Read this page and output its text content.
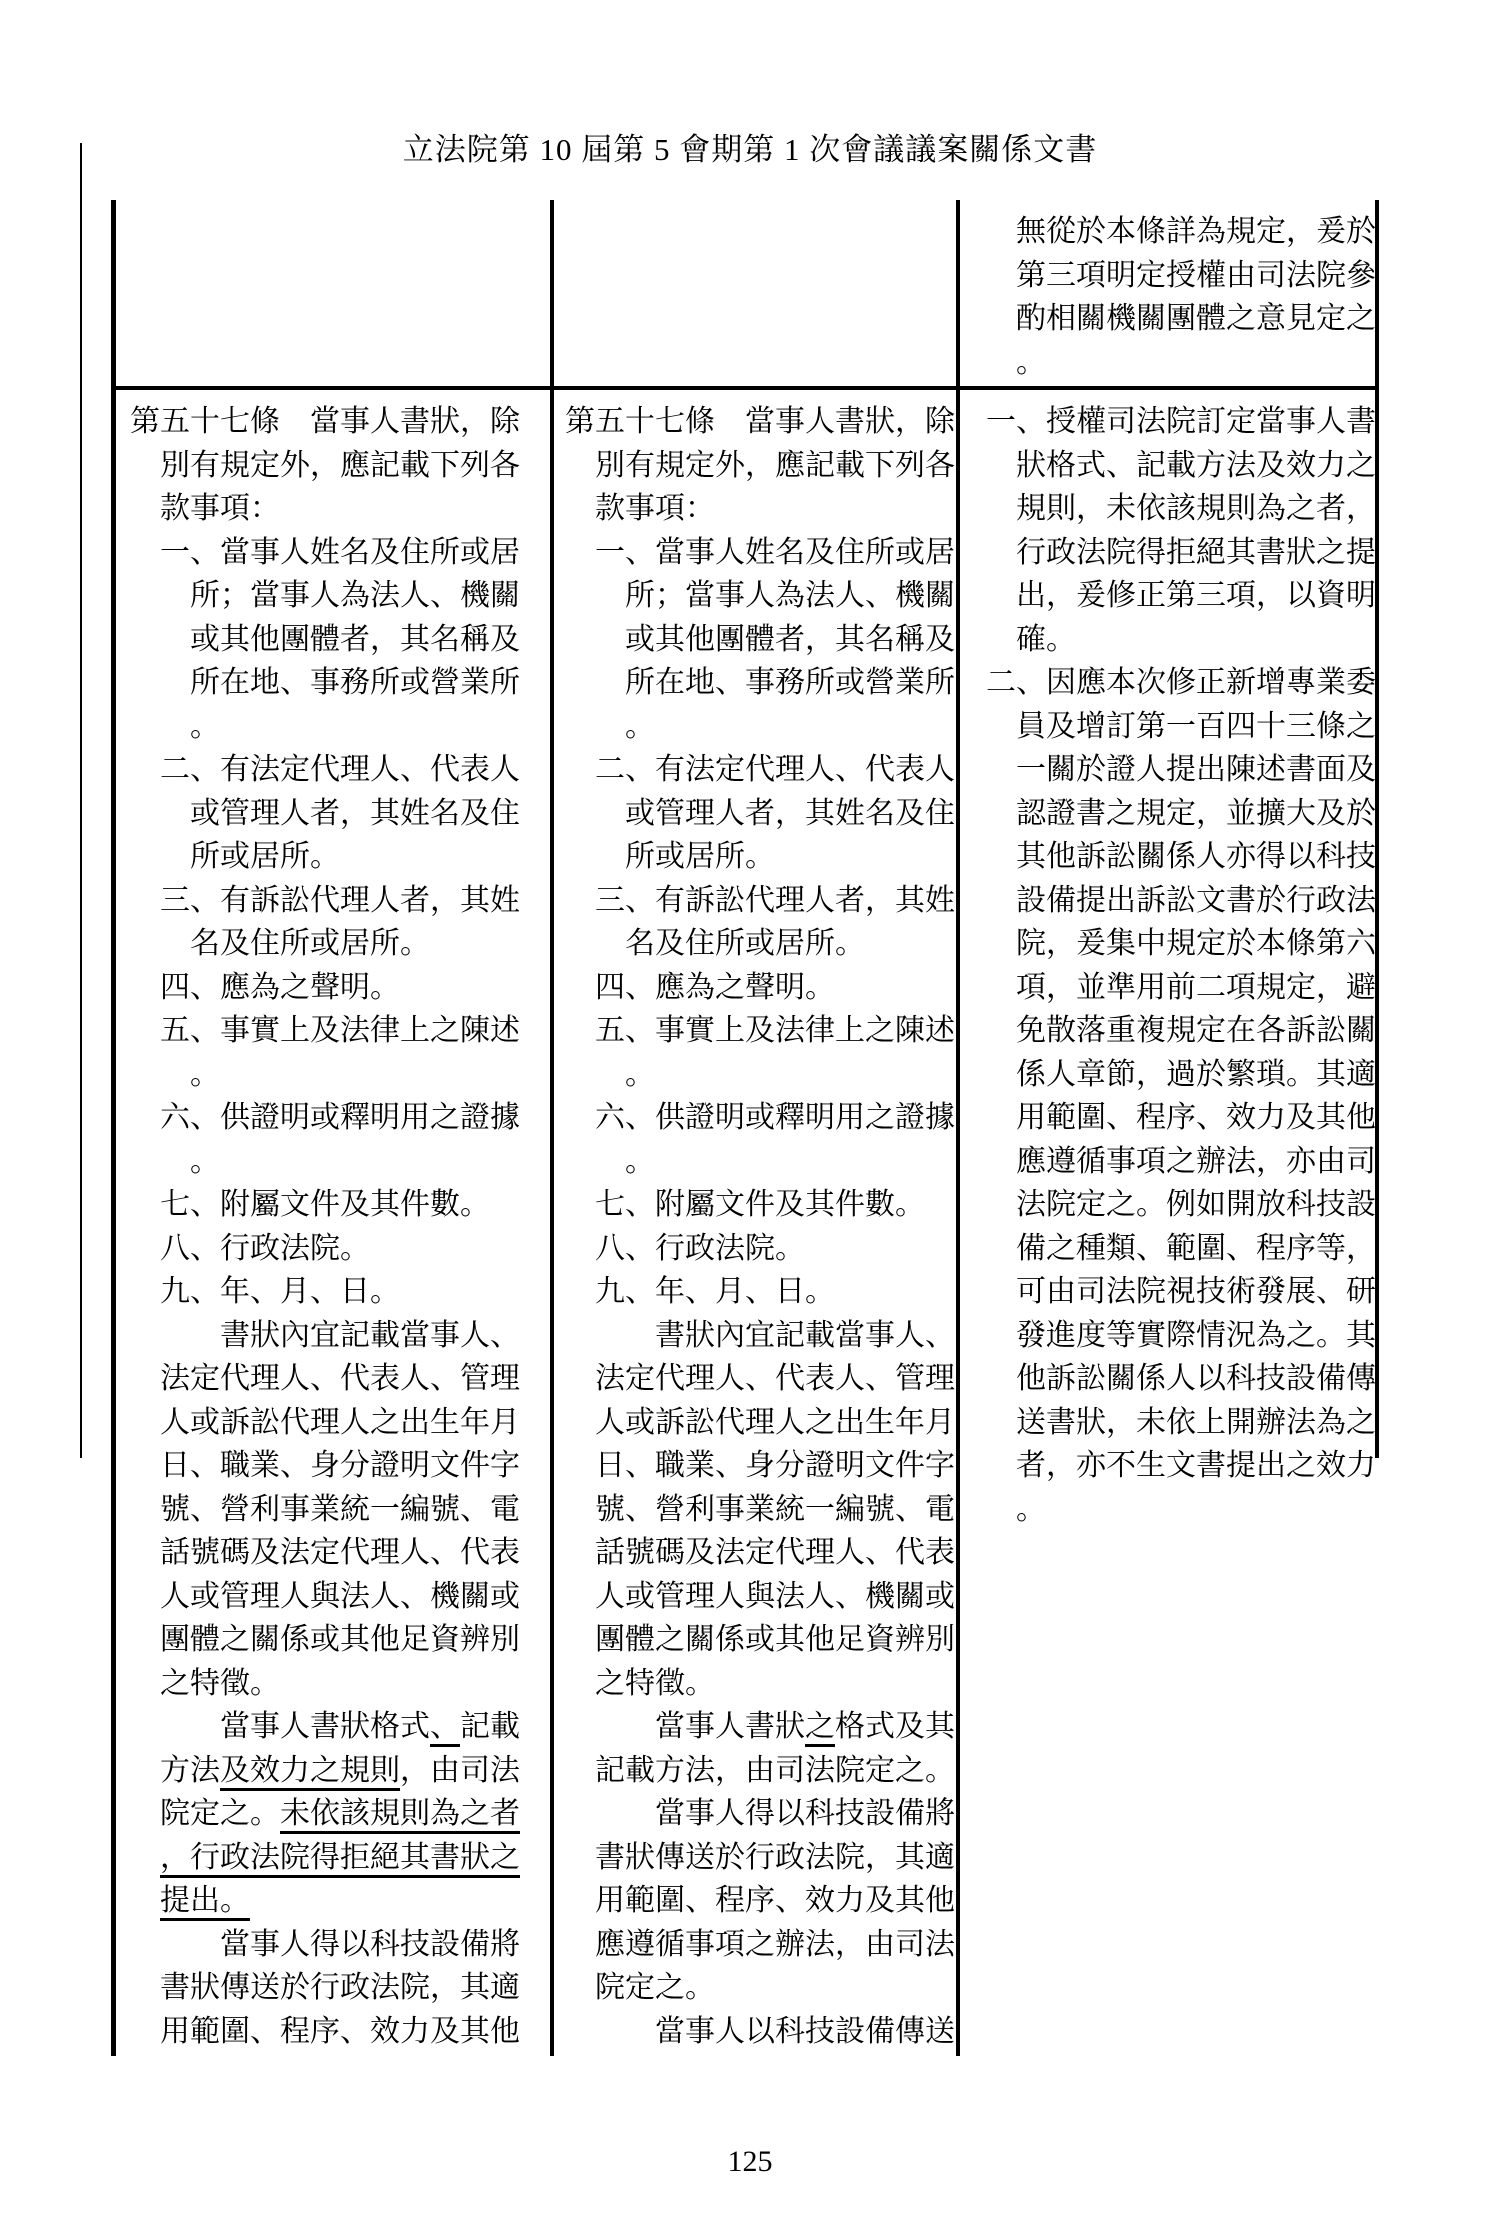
立法院第 10 屆第 5 會期第 1 次會議議案關係文書
無從於本條詳為規定，爰於
第三項明定授權由司法院參
酌相關機關團體之意見定之
。
第五十七條　當事人書狀，除
別有規定外，應記載下列各
款事項：
一、當事人姓名及住所或居
所；當事人為法人、機關
或其他團體者，其名稱及
所在地、事務所或營業所
。
二、有法定代理人、代表人
或管理人者，其姓名及住
所或居所。
三、有訴訟代理人者，其姓
名及住所或居所。
四、應為之聲明。
五、事實上及法律上之陳述
。
六、供證明或釋明用之證據
。
七、附屬文件及其件數。
八、行政法院。
九、年、月、日。
書狀內宜記載當事人、
法定代理人、代表人、管理
人或訴訟代理人之出生年月
日、職業、身分證明文件字
號、營利事業統一編號、電
話號碼及法定代理人、代表
人或管理人與法人、機關或
團體之關係或其他足資辨別
之特徵。
當事人書狀格式、記載
方法及效力之規則，由司法
院定之。未依該規則為之者
，行政法院得拒絕其書狀之
提出。
當事人得以科技設備將
書狀傳送於行政法院，其適
用範圍、程序、效力及其他
第五十七條　當事人書狀，除
別有規定外，應記載下列各
款事項：
一、當事人姓名及住所或居
所；當事人為法人、機關
或其他團體者，其名稱及
所在地、事務所或營業所
。
二、有法定代理人、代表人
或管理人者，其姓名及住
所或居所。
三、有訴訟代理人者，其姓
名及住所或居所。
四、應為之聲明。
五、事實上及法律上之陳述
。
六、供證明或釋明用之證據
。
七、附屬文件及其件數。
八、行政法院。
九、年、月、日。
書狀內宜記載當事人、
法定代理人、代表人、管理
人或訴訟代理人之出生年月
日、職業、身分證明文件字
號、營利事業統一編號、電
話號碼及法定代理人、代表
人或管理人與法人、機關或
團體之關係或其他足資辨別
之特徵。
當事人書狀之格式及其
記載方法，由司法院定之。
當事人得以科技設備將
書狀傳送於行政法院，其適
用範圍、程序、效力及其他
應遵循事項之辦法，由司法
院定之。
當事人以科技設備傳送
一、授權司法院訂定當事人書
狀格式、記載方法及效力之
規則，未依該規則為之者，
行政法院得拒絕其書狀之提
出，爰修正第三項，以資明
確。
二、因應本次修正新增專業委
員及增訂第一百四十三條之
一關於證人提出陳述書面及
認證書之規定，並擴大及於
其他訴訟關係人亦得以科技
設備提出訴訟文書於行政法
院，爰集中規定於本條第六
項，並準用前二項規定，避
免散落重複規定在各訴訟關
係人章節，過於繁瑣。其適
用範圍、程序、效力及其他
應遵循事項之辦法，亦由司
法院定之。例如開放科技設
備之種類、範圍、程序等，
可由司法院視技術發展、研
發進度等實際情況為之。其
他訴訟關係人以科技設備傳
送書狀，未依上開辦法為之
者，亦不生文書提出之效力
。
125
